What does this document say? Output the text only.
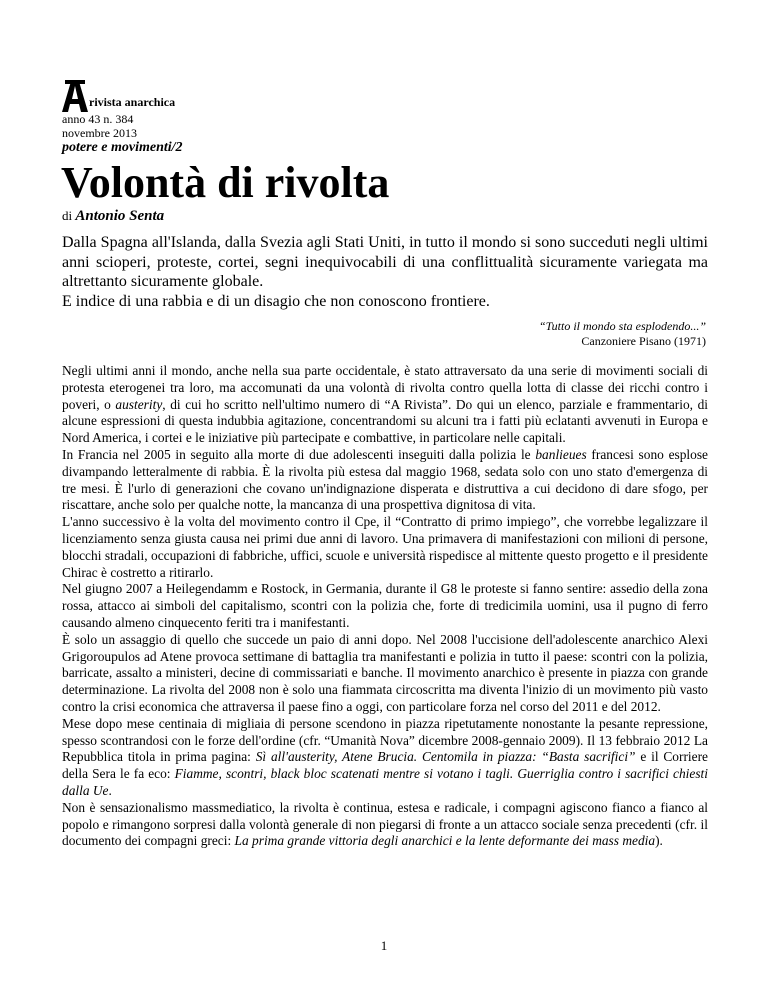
rivista anarchica
anno 43 n. 384
novembre 2013
potere e movimenti/2
Volontà di rivolta
di Antonio Senta

Dalla Spagna all'Islanda, dalla Svezia agli Stati Uniti, in tutto il mondo si sono succeduti negli ultimi anni scioperi, proteste, cortei, segni inequivocabili di una conflittualità sicuramente variegata ma altrettanto sicuramente globale.

E indice di una rabbia e di un disagio che non conoscono frontiere.

“Tutto il mondo sta esplodendo...”
Canzoniere Pisano (1971)

Negli ultimi anni il mondo, anche nella sua parte occidentale, è stato attraversato da una serie di movimenti sociali di protesta eterogenei tra loro, ma accomunati da una volontà di rivolta contro quella lotta di classe dei ricchi contro i poveri, o austerity, di cui ho scritto nell'ultimo numero di “A Rivista”. Do qui un elenco, parziale e frammentario, di alcune espressioni di questa indubbia agitazione, concentrandomi su alcuni tra i fatti più eclatanti avvenuti in Europa e Nord America, i cortei e le iniziative più partecipate e combattive, in particolare nelle capitali.

In Francia nel 2005 in seguito alla morte di due adolescenti inseguiti dalla polizia le banlieues francesi sono esplose divampando letteralmente di rabbia. È la rivolta più estesa dal maggio 1968, sedata solo con uno stato d'emergenza di tre mesi. È l'urlo di generazioni che covano un'indignazione disperata e distruttiva a cui decidono di dare sfogo, per riscattare, anche solo per qualche notte, la mancanza di una prospettiva dignitosa di vita.

L'anno successivo è la volta del movimento contro il Cpe, il “Contratto di primo impiego”, che vorrebbe legalizzare il licenziamento senza giusta causa nei primi due anni di lavoro. Una primavera di manifestazioni con milioni di persone, blocchi stradali, occupazioni di fabbriche, uffici, scuole e università rispedisce al mittente questo progetto e il presidente Chirac è costretto a ritirarlo.

Nel giugno 2007 a Heilegendamm e Rostock, in Germania, durante il G8 le proteste si fanno sentire: assedio della zona rossa, attacco ai simboli del capitalismo, scontri con la polizia che, forte di tredicimila uomini, usa il pugno di ferro causando almeno cinquecento feriti tra i manifestanti.

È solo un assaggio di quello che succede un paio di anni dopo. Nel 2008 l'uccisione dell'adolescente anarchico Alexi Grigoroupulos ad Atene provoca settimane di battaglia tra manifestanti e polizia in tutto il paese: scontri con la polizia, barricate, assalto a ministeri, decine di commissariati e banche. Il movimento anarchico è presente in piazza con grande determinazione. La rivolta del 2008 non è solo una fiammata circoscritta ma diventa l'inizio di un movimento più vasto contro la crisi economica che attraversa il paese fino a oggi, con particolare forza nel corso del 2011 e del 2012.

Mese dopo mese centinaia di migliaia di persone scendono in piazza ripetutamente nonostante la pesante repressione, spesso scontrandosi con le forze dell'ordine (cfr. “Umanità Nova” dicembre 2008-gennaio 2009). Il 13 febbraio 2012 La Repubblica titola in prima pagina: Sì all'austerity, Atene Brucia. Centomila in piazza: “Basta sacrifici” e il Corriere della Sera le fa eco: Fiamme, scontri, black bloc scatenati mentre si votano i tagli. Guerriglia contro i sacrifici chiesti dalla Ue.

Non è sensazionalismo massmediatico, la rivolta è continua, estesa e radicale, i compagni agiscono fianco a fianco al popolo e rimangono sorpresi dalla volontà generale di non piegarsi di fronte a un attacco sociale senza precedenti (cfr. il documento dei compagni greci: La prima grande vittoria degli anarchici e la lente deformante dei mass media).

1
